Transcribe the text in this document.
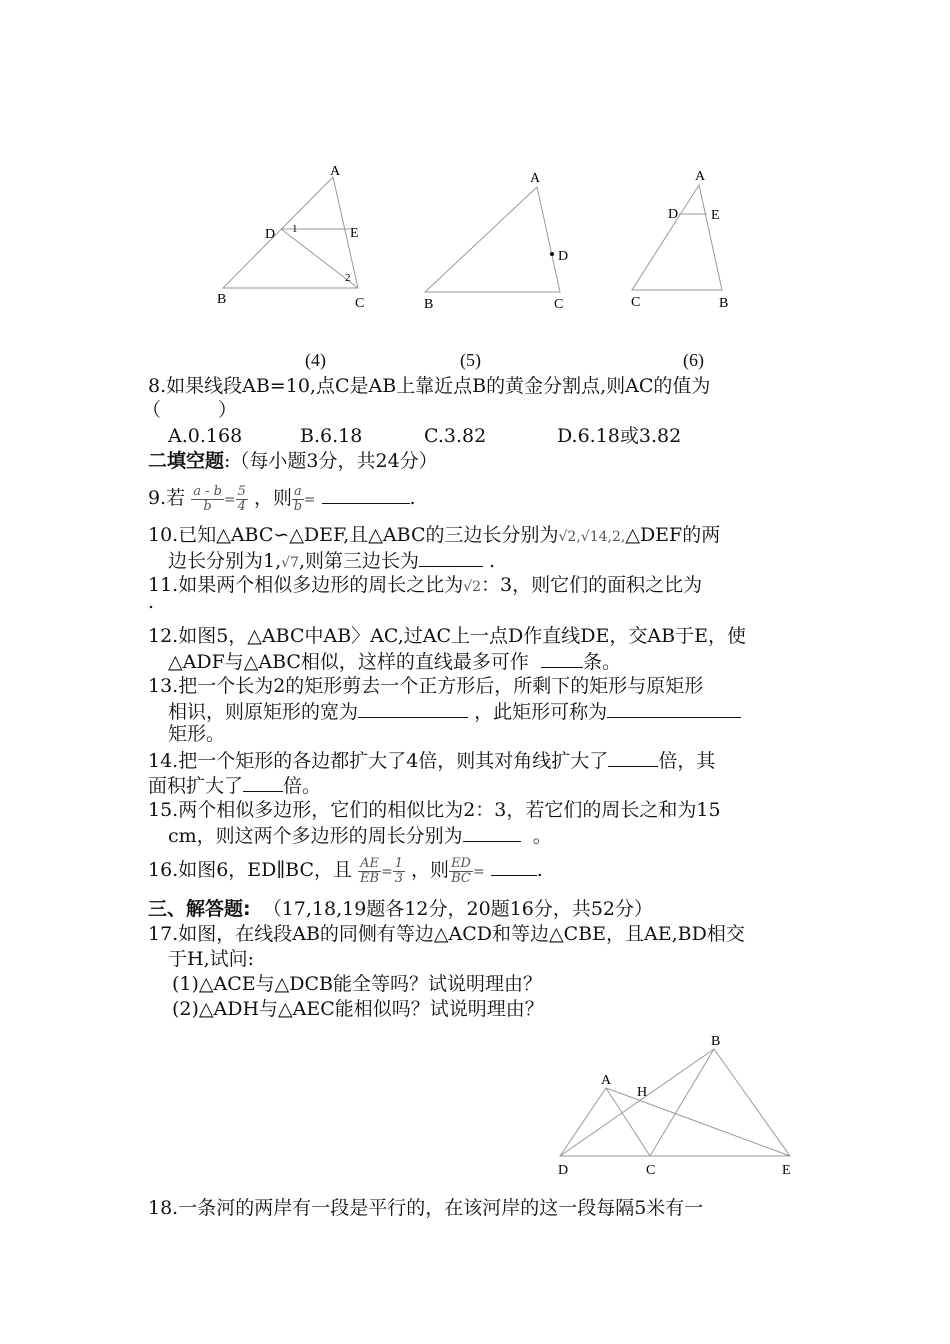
A
B	C
D	E
1
2
A
B	C
D
A
B
C
D E
(4)	(5)	(6)
8.如果线段AB=10,点C是AB上靠近点B的黄金分割点,则AC的值为
（　　　）
A.0.168	B.6.18	C.3.82	D.6.18或3.82
二填空题:（每小题3分，共24分）
9.若 $\frac{a - b}{b} = \frac{5}{4}$ ，则 $\frac{a}{b}$ =	.
10.已知△ABC∽△DEF,且△ABC的三边长分别为√2,√14,2,△DEF的两
边长分别为1,√7,则第三边长为	.
11.如果两个相似多边形的周长之比为√2：3，则它们的面积之比为
.
12.如图5，△ABC中AB〉AC,过AC上一点D作直线DE，交AB于E，使
△ADF与△ABC相似，这样的直线最多可作	条。
13.把一个长为2的矩形剪去一个正方形后，所剩下的矩形与原矩形
相识，则原矩形的宽为	，此矩形可称为
矩形。
14.把一个矩形的各边都扩大了4倍，则其对角线扩大了	倍，其
面积扩大了 倍。
15.两个相似多边形，它们的相似比为2：3，若它们的周长之和为15
cm，则这两个多边形的周长分别为	。
16.如图6，ED∥BC，且 $\frac{AE}{EB} = \frac{1}{3}$ ，则 $\frac{ED}{BC}$ =	.
三、解答题: （17,18,19题各12分，20题16分，共52分）
17.如图，在线段AB的同侧有等边△ACD和等边△CBE，且AE,BD相交
于H,试问:
(1)△ACE与△DCB能全等吗？试说明理由？
(2)△ADH与△AEC能相似吗？试说明理由？
A
B
C
D	E
H
18.一条河的两岸有一段是平行的，在该河岸的这一段每隔5米有一
